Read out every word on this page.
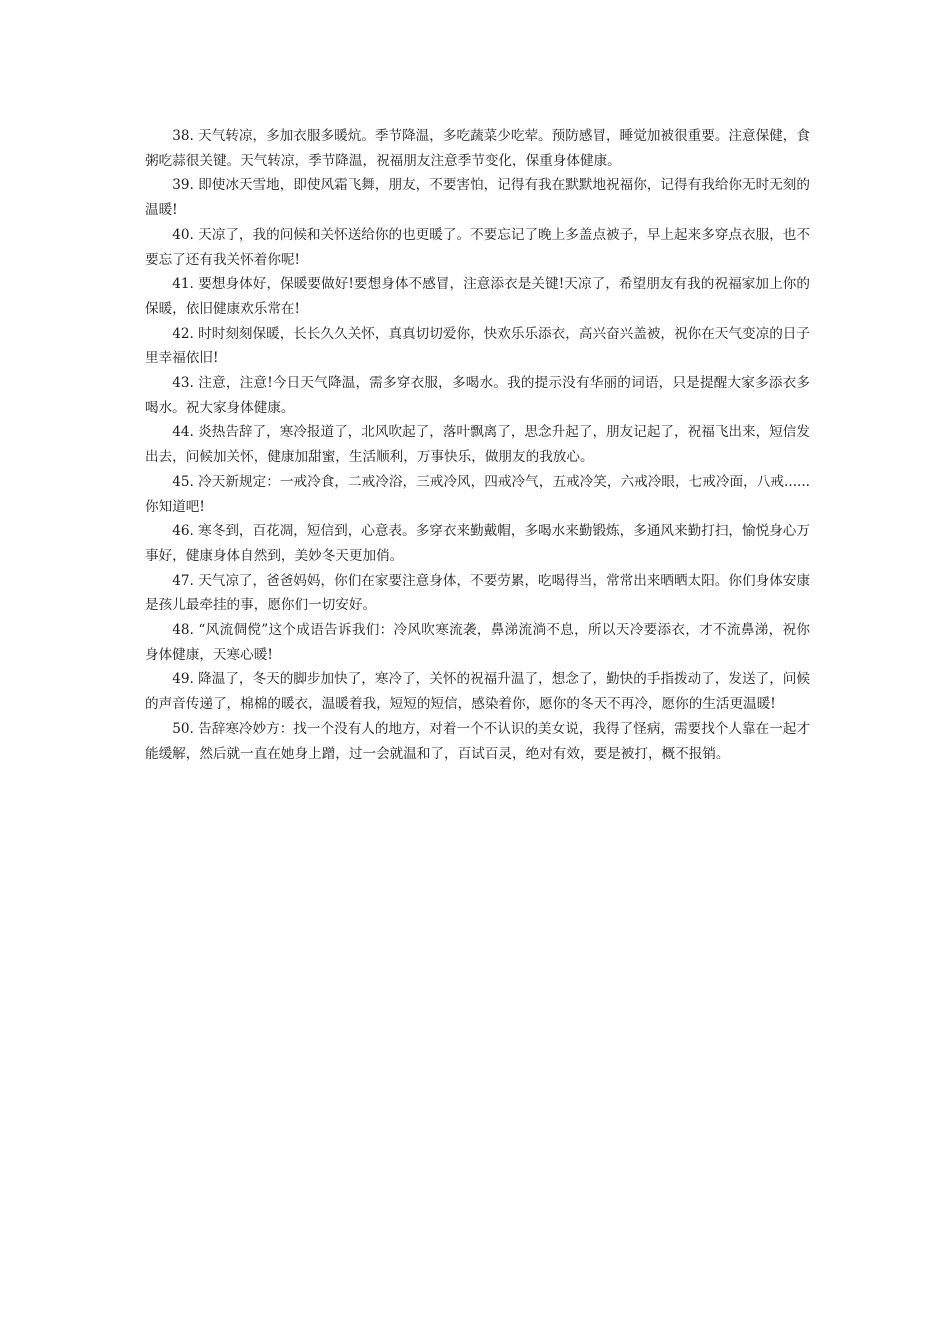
38. 天气转凉，多加衣服多暖炕。季节降温，多吃蔬菜少吃荤。预防感冒，睡觉加被很重要。注意保健，食粥吃蒜很关键。天气转凉，季节降温，祝福朋友注意季节变化，保重身体健康。

39. 即使冰天雪地，即使风霜飞舞，朋友，不要害怕，记得有我在默默地祝福你，记得有我给你无时无刻的温暖!

40. 天凉了，我的问候和关怀送给你的也更暖了。不要忘记了晚上多盖点被子，早上起来多穿点衣服，也不要忘了还有我关怀着你呢!

41. 要想身体好，保暖要做好!要想身体不感冒，注意添衣是关键!天凉了，希望朋友有我的祝福家加上你的保暖，依旧健康欢乐常在!

42. 时时刻刻保暖，长长久久关怀，真真切切爱你，快欢乐乐添衣，高兴奋兴盖被，祝你在天气变凉的日子里幸福依旧!

43. 注意，注意!今日天气降温，需多穿衣服，多喝水。我的提示没有华丽的词语，只是提醒大家多添衣多喝水。祝大家身体健康。

44. 炎热告辞了，寒冷报道了，北风吹起了，落叶飘离了，思念升起了，朋友记起了，祝福飞出来，短信发出去，问候加关怀，健康加甜蜜，生活顺利，万事快乐，做朋友的我放心。

45. 冷天新规定：一戒冷食，二戒冷浴，三戒冷风，四戒冷气，五戒冷笑，六戒冷眼，七戒冷面，八戒......你知道吧!

46. 寒冬到，百花凋，短信到，心意表。多穿衣来勤戴帽，多喝水来勤锻炼，多通风来勤打扫，愉悦身心万事好，健康身体自然到，美妙冬天更加俏。

47. 天气凉了，爸爸妈妈，你们在家要注意身体，不要劳累，吃喝得当，常常出来晒晒太阳。你们身体安康是孩儿最牵挂的事，愿你们一切安好。

48. “风流倜傥”这个成语告诉我们：冷风吹寒流袭，鼻涕流淌不息，所以天冷要添衣，才不流鼻涕，祝你身体健康，天寒心暖!

49. 降温了，冬天的脚步加快了，寒冷了，关怀的祝福升温了，想念了，勤快的手指拨动了，发送了，问候的声音传递了，棉棉的暖衣，温暖着我，短短的短信，感染着你，愿你的冬天不再冷，愿你的生活更温暖!

50. 告辞寒冷妙方：找一个没有人的地方，对着一个不认识的美女说，我得了怪病，需要找个人靠在一起才能缓解，然后就一直在她身上蹭，过一会就温和了，百试百灵，绝对有效，要是被打，概不报销。
